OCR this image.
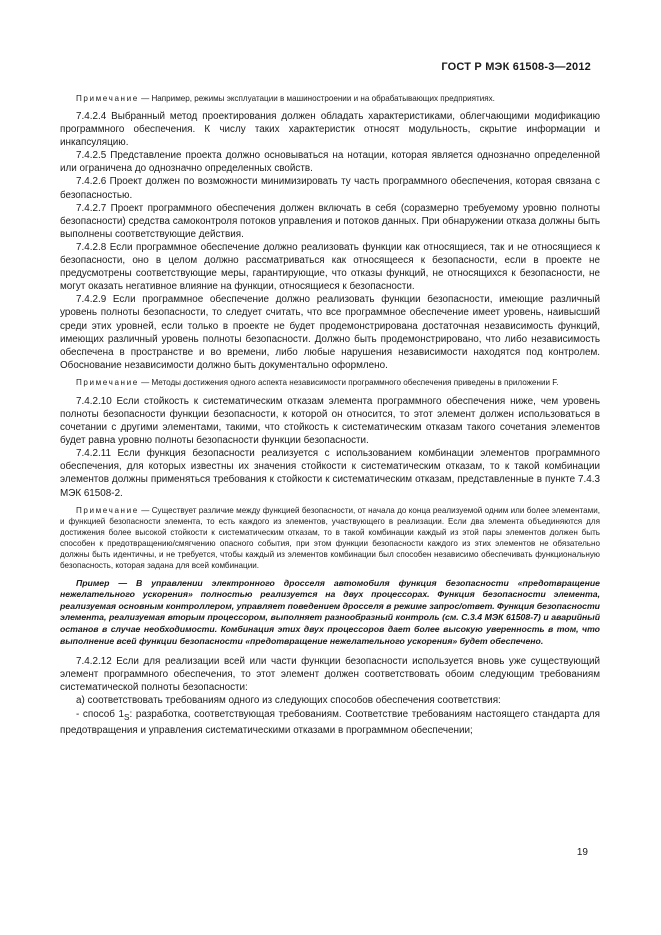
ГОСТ Р МЭК 61508-3—2012

Примечание — Например, режимы эксплуатации в машиностроении и на обрабатывающих предприятиях.

7.4.2.4 Выбранный метод проектирования должен обладать характеристиками, облегчающими модификацию программного обеспечения. К числу таких характеристик относят модульность, скрытие информации и инкапсуляцию.

7.4.2.5 Представление проекта должно основываться на нотации, которая является однозначно определенной или ограничена до однозначно определенных свойств.

7.4.2.6 Проект должен по возможности минимизировать ту часть программного обеспечения, которая связана с безопасностью.

7.4.2.7 Проект программного обеспечения должен включать в себя (соразмерно требуемому уровню полноты безопасности) средства самоконтроля потоков управления и потоков данных. При обнаружении отказа должны быть выполнены соответствующие действия.

7.4.2.8 Если программное обеспечение должно реализовать функции как относящиеся, так и не относящиеся к безопасности, оно в целом должно рассматриваться как относящееся к безопасности, если в проекте не предусмотрены соответствующие меры, гарантирующие, что отказы функций, не относящихся к безопасности, не могут оказать негативное влияние на функции, относящиеся к безопасности.

7.4.2.9 Если программное обеспечение должно реализовать функции безопасности, имеющие различный уровень полноты безопасности, то следует считать, что все программное обеспечение имеет уровень, наивысший среди этих уровней, если только в проекте не будет продемонстрирована достаточная независимость функций, имеющих различный уровень полноты безопасности. Должно быть продемонстрировано, что либо независимость обеспечена в пространстве и во времени, либо любые нарушения независимости находятся под контролем. Обоснование независимости должно быть документально оформлено.

Примечание — Методы достижения одного аспекта независимости программного обеспечения приведены в приложении F.

7.4.2.10 Если стойкость к систематическим отказам элемента программного обеспечения ниже, чем уровень полноты безопасности функции безопасности, к которой он относится, то этот элемент должен использоваться в сочетании с другими элементами, такими, что стойкость к систематическим отказам такого сочетания элементов будет равна уровню полноты безопасности функции безопасности.

7.4.2.11 Если функция безопасности реализуется с использованием комбинации элементов программного обеспечения, для которых известны их значения стойкости к систематическим отказам, то к такой комбинации элементов должны применяться требования к стойкости к систематическим отказам, представленные в пункте 7.4.3 МЭК 61508-2.

Примечание — Существует различие между функцией безопасности, от начала до конца реализуемой одним или более элементами, и функцией безопасности элемента, то есть каждого из элементов, участвующего в реализации. Если два элемента объединяются для достижения более высокой стойкости к систематическим отказам, то в такой комбинации каждый из этой пары элементов должен быть способен к предотвращению/смягчению опасного события, при этом функции безопасности каждого из этих элементов не обязательно должны быть идентичны, и не требуется, чтобы каждый из элементов комбинации был способен независимо обеспечивать функциональную безопасность, которая задана для всей комбинации.

Пример — В управлении электронного дросселя автомобиля функция безопасности «предотвращение нежелательного ускорения» полностью реализуется на двух процессорах. Функция безопасности элемента, реализуемая основным контроллером, управляет поведением дросселя в режиме запрос/ответ. Функция безопасности элемента, реализуемая вторым процессором, выполняет разнообразный контроль (см. С.3.4 МЭК 61508-7) и аварийный останов в случае необходимости. Комбинация этих двух процессоров дает более высокую уверенность в том, что выполнение всей функции безопасности «предотвращение нежелательного ускорения» будет обеспечено.

7.4.2.12 Если для реализации всей или части функции безопасности используется вновь уже существующий элемент программного обеспечения, то этот элемент должен соответствовать обоим следующим требованиям систематической полноты безопасности:

а) соответствовать требованиям одного из следующих способов обеспечения соответствия:

- способ $1_S$: разработка, соответствующая требованиям. Соответствие требованиям настоящего стандарта для предотвращения и управления систематическими отказами в программном обеспечении;

19
